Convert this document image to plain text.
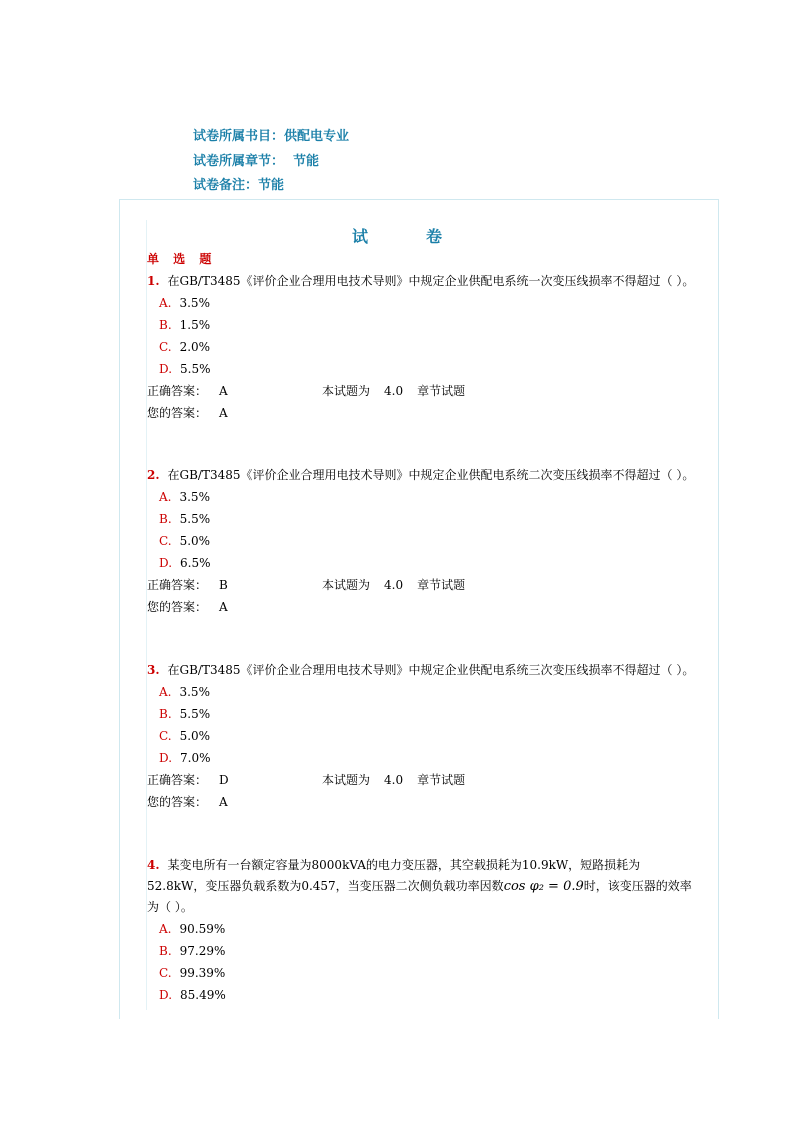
试卷所属书目：供配电专业
试卷所属章节：  节能
试卷备注：节能
试	卷
单 选 题
1. 在GB/T3485《评价企业合理用电技术导则》中规定企业供配电系统一次变压线损率不得超过（ ）。
A. 3.5%
B. 1.5%
C. 2.0%
D. 5.5%
正确答案： A	本试题为 4.0 章节试题
您的答案： A
2. 在GB/T3485《评价企业合理用电技术导则》中规定企业供配电系统二次变压线损率不得超过（ ）。
A. 3.5%
B. 5.5%
C. 5.0%
D. 6.5%
正确答案： B	本试题为 4.0 章节试题
您的答案： A
3. 在GB/T3485《评价企业合理用电技术导则》中规定企业供配电系统三次变压线损率不得超过（ ）。
A. 3.5%
B. 5.5%
C. 5.0%
D. 7.0%
正确答案： D	本试题为 4.0 章节试题
您的答案： A
4. 某变电所有一台额定容量为8000kVA的电力变压器，其空载损耗为10.9kW，短路损耗为52.8kW，变压器负载系数为0.457，当变压器二次侧负载功率因数cos φ₂ = 0.9时，该变压器的效率为（ ）。
A. 90.59%
B. 97.29%
C. 99.39%
D. 85.49%
